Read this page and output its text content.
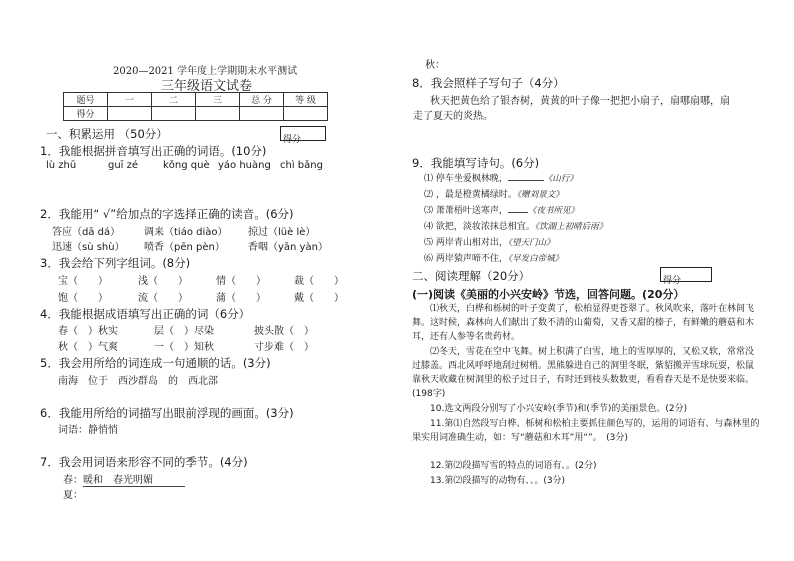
2020—2021 学年度上学期期末水平测试
三年级语文试卷
题号	一	二	三	总 分	等 级
得分					
一、积累运用 （50分）	得分
1．我能根据拼音填写出正确的词语。(10分)
lù zhū	guī zé kǒng què yáo huàng chì bǎng
2．我能用“ √”给加点的字选择正确的读音。(6分)
答应（dā dá） 调来（tiáo diào） 掠过（lüè lè）
迅速（sù shù） 喷香（pēn pèn） 香咽（yān yàn）
3．我会给下列字组词。(8分)
宝（　　）	浅（　　）	情（　　）	裁（　　）
饱（　　）	流（　　）	蒲（　　）	戴（　　）
4．我能根据成语填写出正确的词（6分）
春（　）秋实	层（　）尽染	披头散（　）
秋（　）气爽	一（　）知秋	寸步难（　）
5．我会用所给的词连成一句通顺的话。(3分)
南海　位于　西沙群岛　的　西北部
6．我能用所给的词描写出眼前浮现的画面。(3分)
词语：静悄悄
7．我会用词语来形容不同的季节。(4分)
春：暖和　春光明媚
夏：
秋：
8．我会照样子写句子（4分）
秋天把黄色给了银杏树，黄黄的叶子像一把把小扇子，扇哪扇哪，扇
走了夏天的炎热。
9．我能填写诗句。(6分)
⑴ 停车坐爱枫林晚，	《山行》
⑵ ，最是橙黄橘绿时。《赠刘景文》
⑶ 萧萧梧叶送寒声， 《夜书所见》
⑷ 欲把，淡妆浓抹总相宜。《饮湖上初晴后雨》
⑸ 两岸青山相对出，《望天门山》
⑹ 两岸猿声啼不住，《早发白帝城》
二、阅读理解（20分）	得分
(一)阅读《美丽的小兴安岭》节选，回答问题。(20分）
⑴秋天，白桦和栎树的叶子变黄了，松柏显得更苍翠了。秋风吹来，落叶在林间飞舞。这时候，森林向人们献出了数不清的山葡萄，又香又甜的榛子，有鲜嫩的蘑菇和木耳，还有人参等名贵药材。
⑵冬天，雪花在空中飞舞。树上积满了白雪，地上的雪厚厚的，又松又软，常常没过膝盖。西北风呼呼地刮过树梢。黑熊躲进自己的洞里冬眠，紫貂搬弄雪球玩耍，松鼠靠秋天收藏在树洞里的松子过日子，有时还到枝头数数更，看看春天是不是快要来临。(198字)
10.选文两段分别写了小兴安岭(季节)和(季节)的美丽景色。(2分)
11.第⑴自然段写白桦、栎树和松柏主要抓住颜色写的，运用的词语有、与森林里的果实用词准确生动，如：写“蘑菇和木耳”用“”。　(3分)
12.第⑵段描写雪的特点的词语有、。(2分)
13.第⑵段描写的动物有、、。(3分)
